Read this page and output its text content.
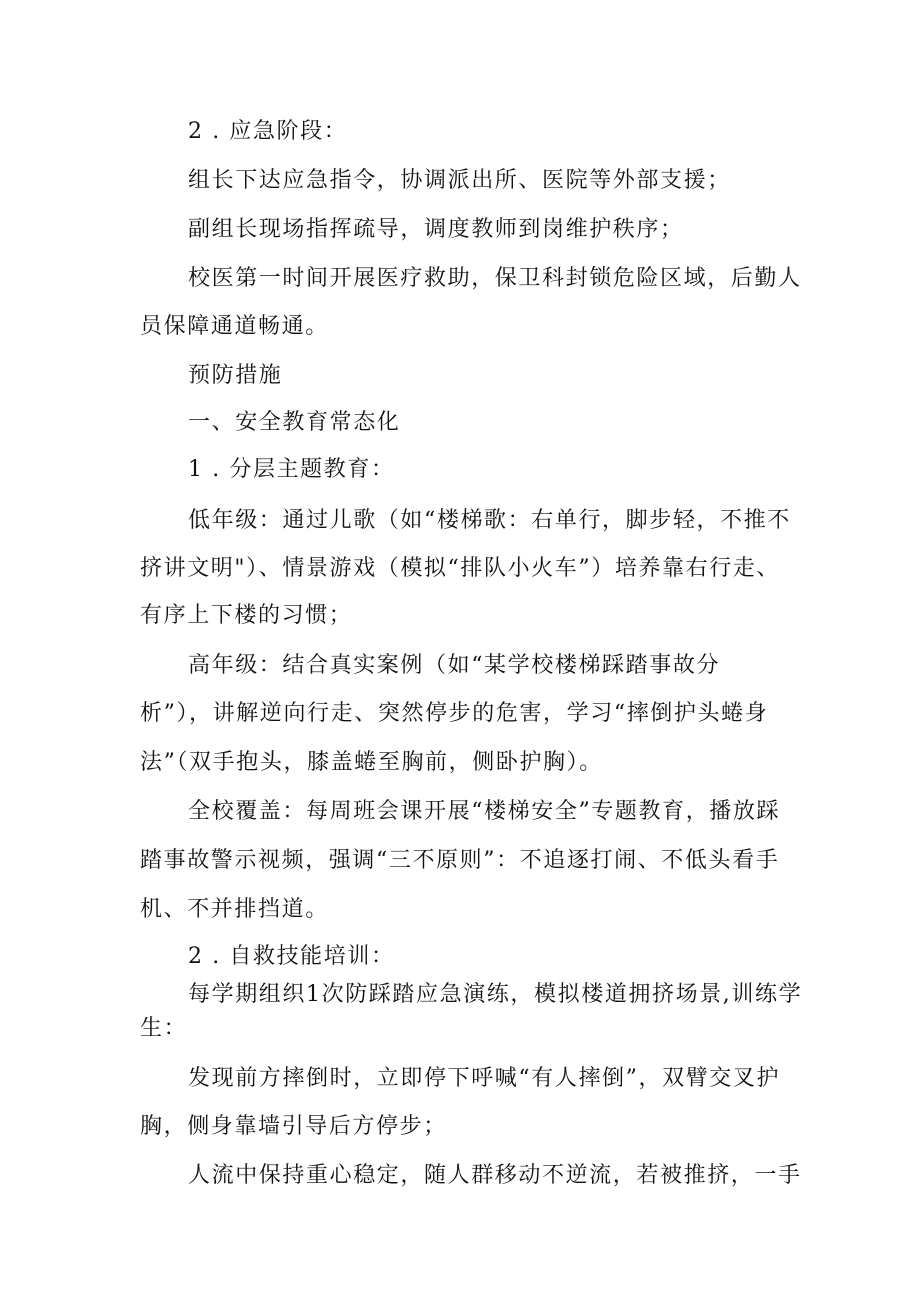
2 . 应急阶段：

组长下达应急指令，协调派出所、医院等外部支援；

副组长现场指挥疏导，调度教师到岗维护秩序；

校医第一时间开展医疗救助，保卫科封锁危险区域，后勤人

员保障通道畅通。

预防措施

一、安全教育常态化

1 . 分层主题教育：

低年级：通过儿歌（如“楼梯歌：右单行，脚步轻，不推不

挤讲文明"）、情景游戏（模拟“排队小火车”）培养靠右行走、

有序上下楼的习惯；

高年级：结合真实案例（如“某学校楼梯踩踏事故分

析”），讲解逆向行走、突然停步的危害，学习“摔倒护头蜷身

法”（双手抱头，膝盖蜷至胸前，侧卧护胸）。

全校覆盖：每周班会课开展“楼梯安全”专题教育，播放踩

踏事故警示视频，强调“三不原则”：不追逐打闹、不低头看手

机、不并排挡道。

2 . 自救技能培训：

每学期组织1次防踩踏应急演练，模拟楼道拥挤场景,训练学

生：

发现前方摔倒时，立即停下呼喊“有人摔倒”，双臂交叉护

胸，侧身靠墙引导后方停步；

人流中保持重心稳定，随人群移动不逆流，若被推挤，一手
